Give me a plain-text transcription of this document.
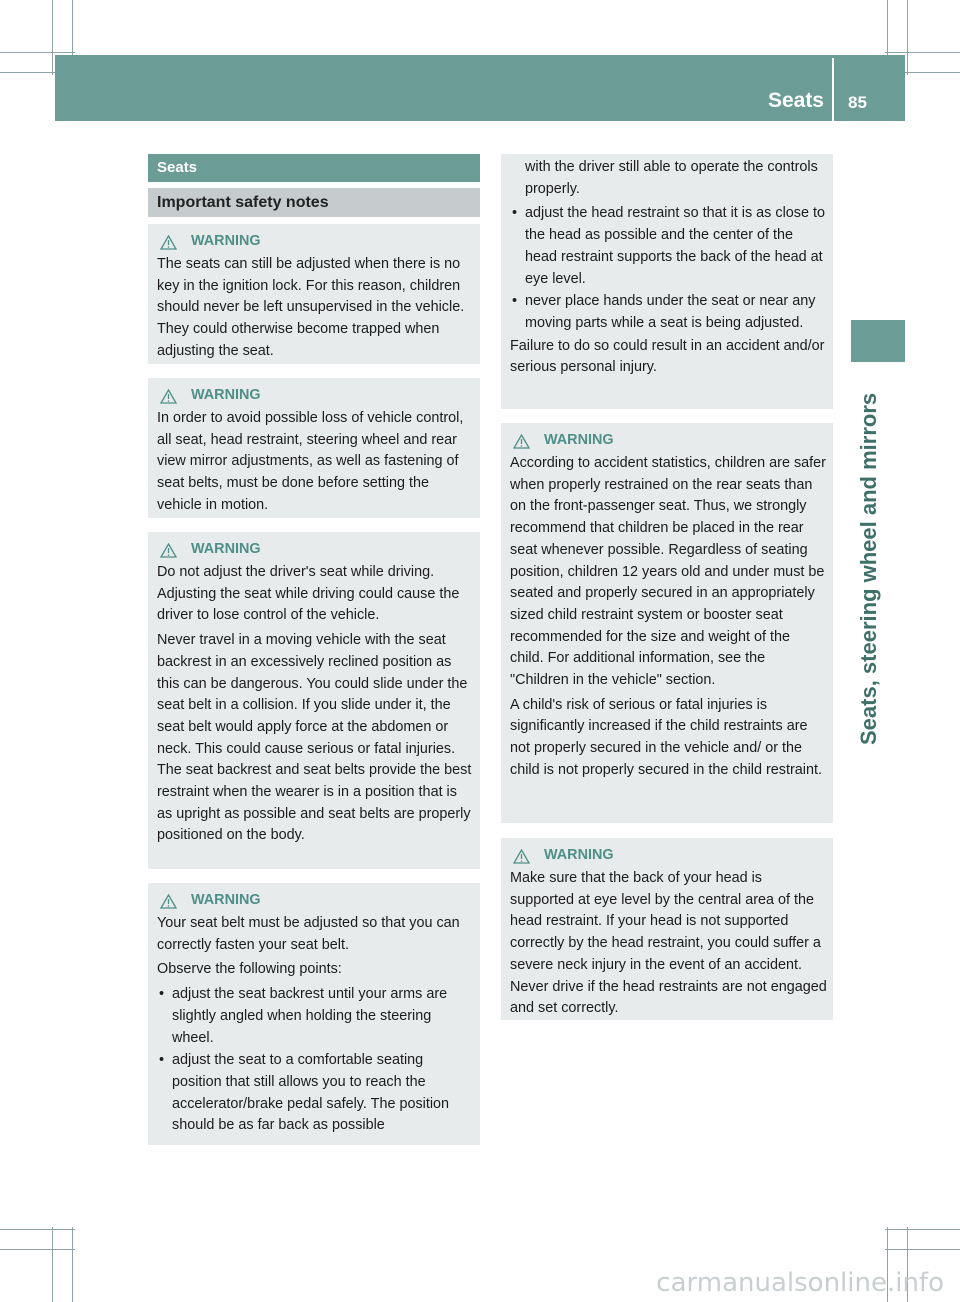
Seats 85
Seats, steering wheel and mirrors
Seats
Important safety notes
WARNING

The seats can still be adjusted when there is no key in the ignition lock. For this reason, children should never be left unsupervised in the vehicle. They could otherwise become trapped when adjusting the seat.

WARNING

In order to avoid possible loss of vehicle control, all seat, head restraint, steering wheel and rear view mirror adjustments, as well as fastening of seat belts, must be done before setting the vehicle in motion.

WARNING

Do not adjust the driver's seat while driving. Adjusting the seat while driving could cause the driver to lose control of the vehicle.

Never travel in a moving vehicle with the seat backrest in an excessively reclined position as this can be dangerous. You could slide under the seat belt in a collision. If you slide under it, the seat belt would apply force at the abdomen or neck. This could cause serious or fatal injuries. The seat backrest and seat belts provide the best restraint when the wearer is in a position that is as upright as possible and seat belts are properly positioned on the body.

WARNING

Your seat belt must be adjusted so that you can correctly fasten your seat belt.

Observe the following points:

• adjust the seat backrest until your arms are slightly angled when holding the steering wheel.
• adjust the seat to a comfortable seating position that still allows you to reach the accelerator/brake pedal safely. The position should be as far back as possible
with the driver still able to operate the controls properly.
• adjust the head restraint so that it is as close to the head as possible and the center of the head restraint supports the back of the head at eye level.
• never place hands under the seat or near any moving parts while a seat is being adjusted.

Failure to do so could result in an accident and/or serious personal injury.

WARNING

According to accident statistics, children are safer when properly restrained on the rear seats than on the front-passenger seat. Thus, we strongly recommend that children be placed in the rear seat whenever possible. Regardless of seating position, children 12 years old and under must be seated and properly secured in an appropriately sized child restraint system or booster seat recommended for the size and weight of the child. For additional information, see the "Children in the vehicle" section.

A child's risk of serious or fatal injuries is significantly increased if the child restraints are not properly secured in the vehicle and/ or the child is not properly secured in the child restraint.

WARNING

Make sure that the back of your head is supported at eye level by the central area of the head restraint. If your head is not supported correctly by the head restraint, you could suffer a severe neck injury in the event of an accident. Never drive if the head restraints are not engaged and set correctly.

carmanualsonline.info
